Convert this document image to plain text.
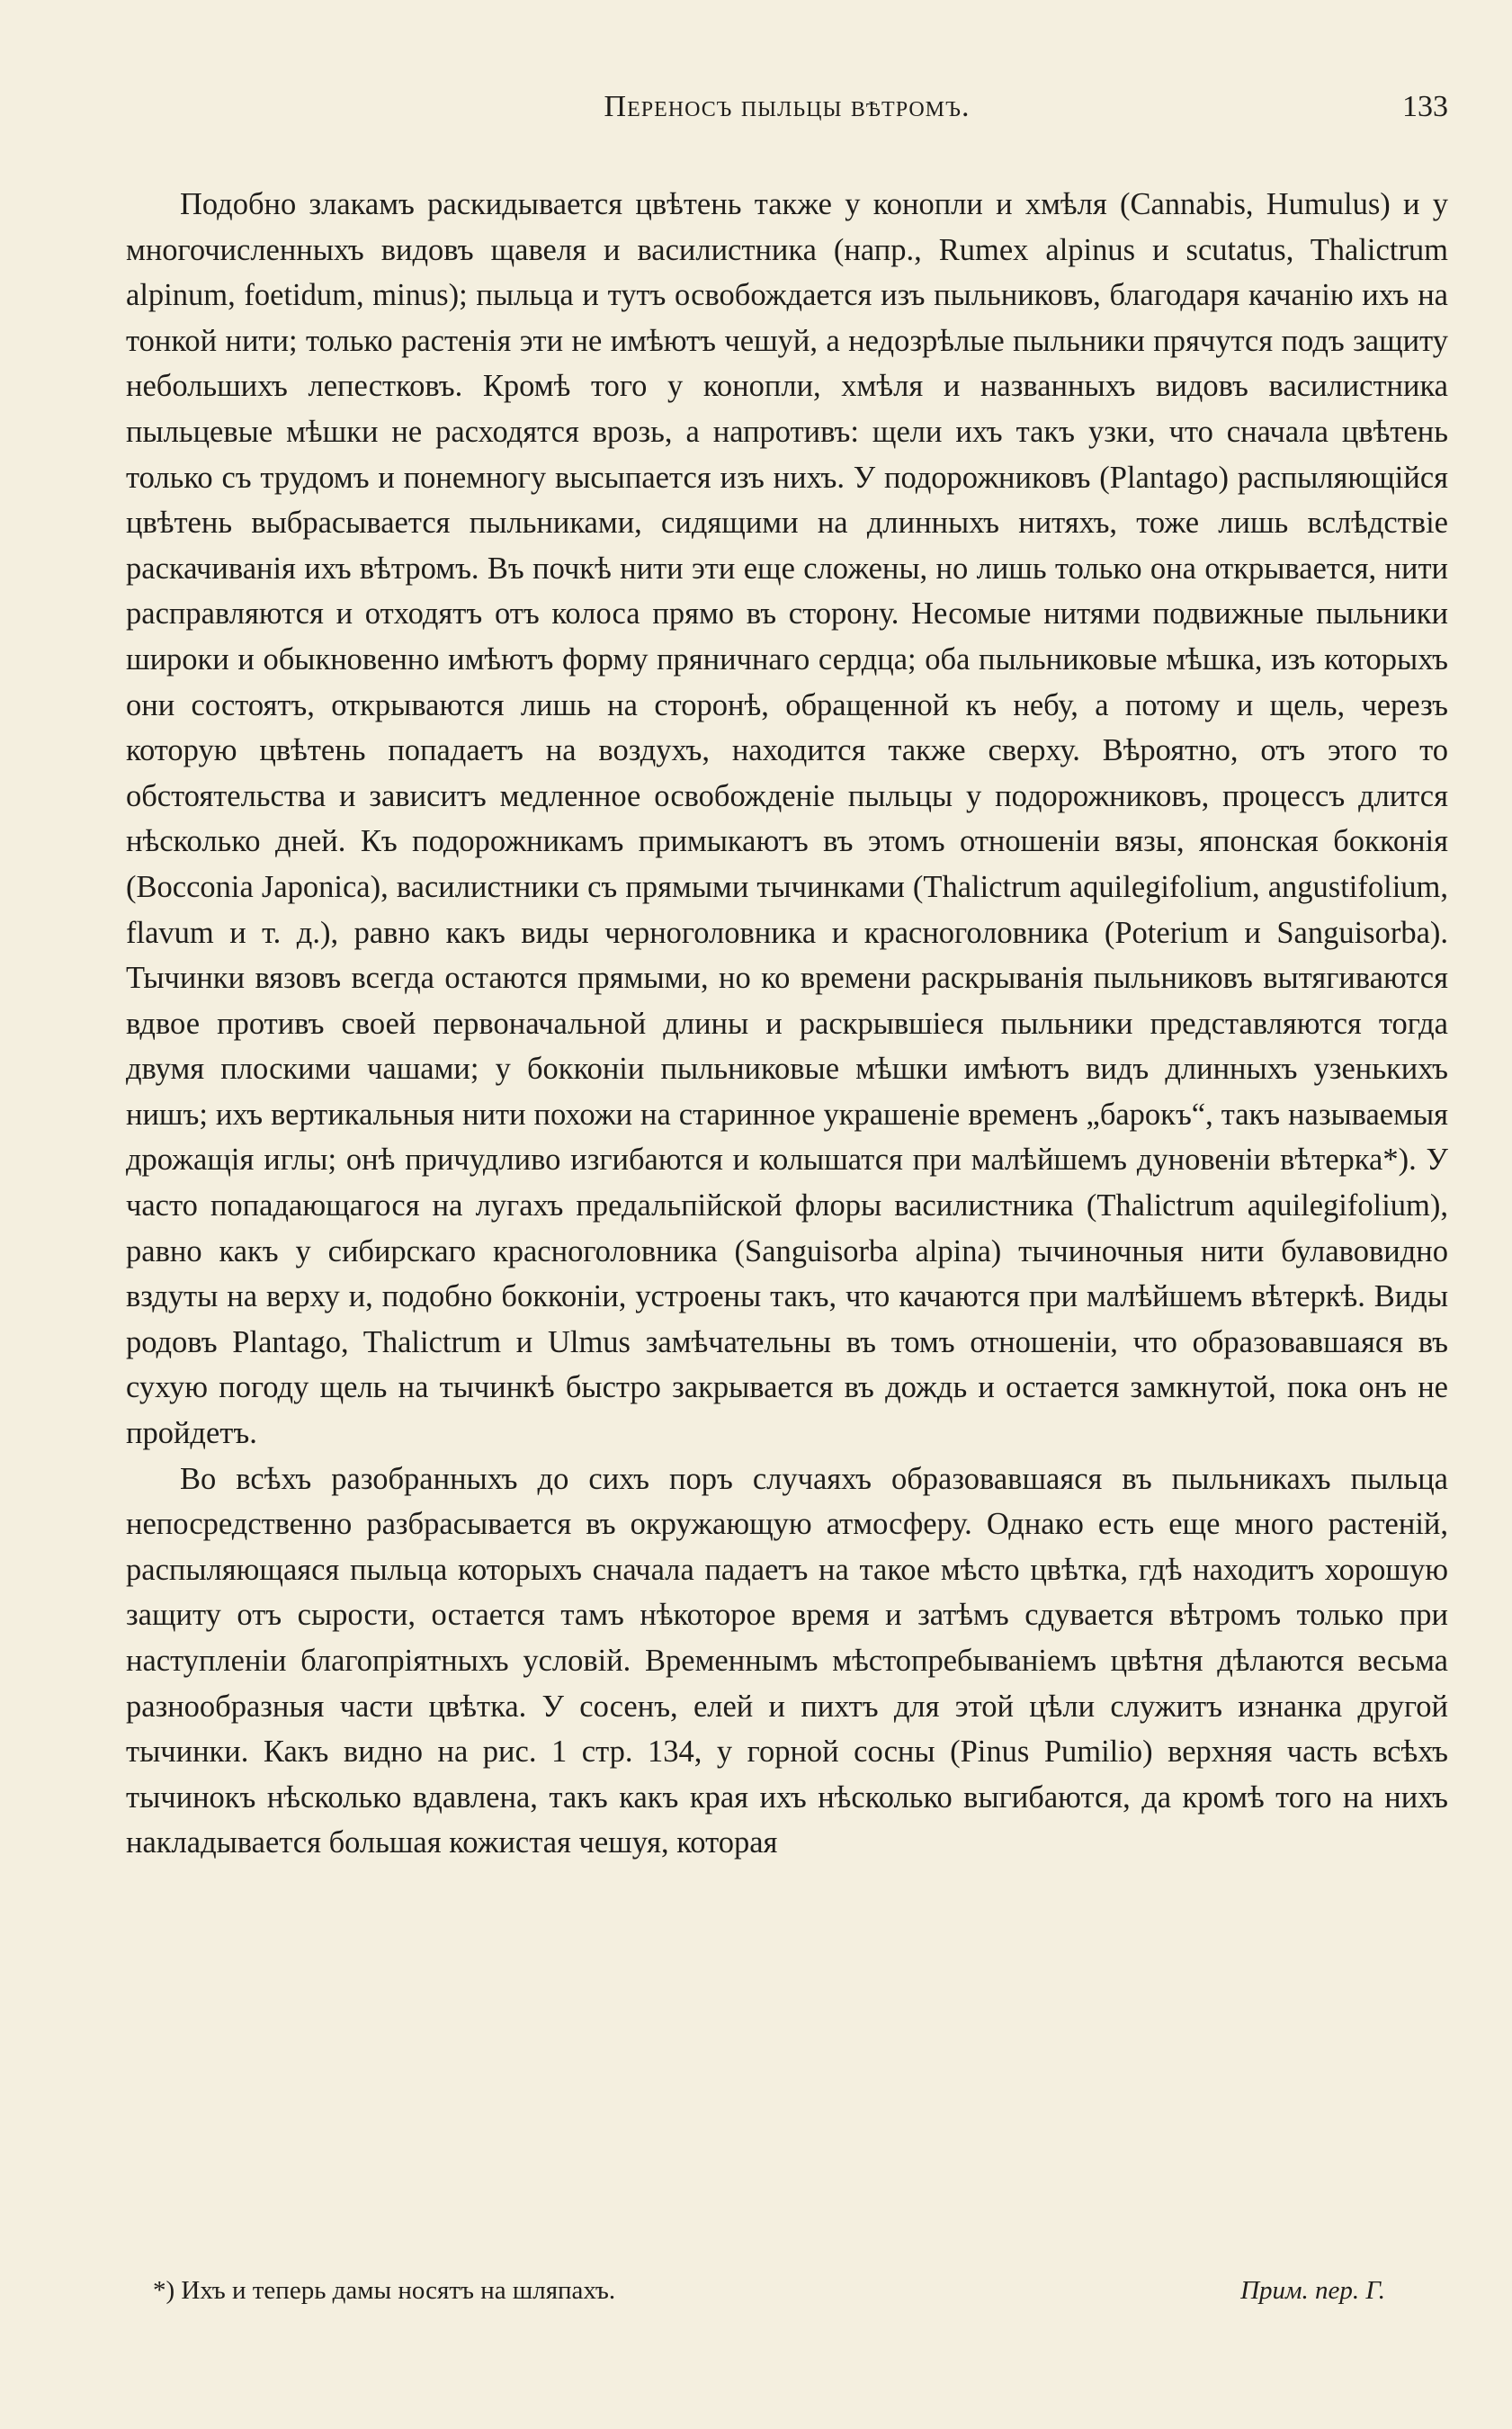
Переносъ пыльцы вѣтромъ.	133

Подобно злакамъ раскидывается цвѣтень также у конопли и хмѣля (Cannabis, Humulus) и у многочисленныхъ видовъ щавеля и василистника (напр., Rumex alpinus и scutatus, Thalictrum alpinum, foetidum, minus); пыльца и тутъ освобождается изъ пыльниковъ, благодаря качанію ихъ на тонкой нити; только растенія эти не имѣютъ чешуй, а недозрѣлые пыльники прячутся подъ защиту небольшихъ лепестковъ. Кромѣ того у конопли, хмѣля и названныхъ видовъ василистника пыльцевые мѣшки не расходятся врозь, а напротивъ: щели ихъ такъ узки, что сначала цвѣтень только съ трудомъ и понемногу высыпается изъ нихъ. У подорожниковъ (Plantago) распыляющійся цвѣтень выбрасывается пыльниками, сидящими на длинныхъ нитяхъ, тоже лишь вслѣдствіе раскачиванія ихъ вѣтромъ. Въ почкѣ нити эти еще сложены, но лишь только она открывается, нити расправляются и отходятъ отъ колоса прямо въ сторону. Несомые нитями подвижные пыльники широки и обыкновенно имѣютъ форму пряничнаго сердца; оба пыльниковые мѣшка, изъ которыхъ они состоятъ, открываются лишь на сторонѣ, обращенной къ небу, а потому и щель, черезъ которую цвѣтень попадаетъ на воздухъ, находится также сверху. Вѣроятно, отъ этого то обстоятельства и зависитъ медленное освобожденіе пыльцы у подорожниковъ, процессъ длится нѣсколько дней. Къ подорожникамъ примыкаютъ въ этомъ отношеніи вязы, японская бокконія (Bocconia Japonica), василистники съ прямыми тычинками (Thalictrum aquilegifolium, angustifolium, flavum и т. д.), равно какъ виды черноголовника и красноголовника (Poterium и Sanguisorba). Тычинки вязовъ всегда остаются прямыми, но ко времени раскрыванія пыльниковъ вытягиваются вдвое противъ своей первоначальной длины и раскрывшіеся пыльники представляются тогда двумя плоскими чашами; у бокконіи пыльниковые мѣшки имѣютъ видъ длинныхъ узенькихъ нишъ; ихъ вертикальныя нити похожи на старинное украшеніе временъ „барокъ“, такъ называемыя дрожащія иглы; онѣ причудливо изгибаются и колышатся при малѣйшемъ дуновеніи вѣтерка*). У часто попадающагося на лугахъ предальпійской флоры василистника (Thalictrum aquilegifolium), равно какъ у сибирскаго красноголовника (Sanguisorba alpina) тычиночныя нити булавовидно вздуты на верху и, подобно бокконіи, устроены такъ, что качаются при малѣйшемъ вѣтеркѣ. Виды родовъ Plantago, Thalictrum и Ulmus замѣчательны въ томъ отношеніи, что образовавшаяся въ сухую погоду щель на тычинкѣ быстро закрывается въ дождь и остается замкнутой, пока онъ не пройдетъ.

Во всѣхъ разобранныхъ до сихъ поръ случаяхъ образовавшаяся въ пыльникахъ пыльца непосредственно разбрасывается въ окружающую атмосферу. Однако есть еще много растеній, распыляющаяся пыльца которыхъ сначала падаетъ на такое мѣсто цвѣтка, гдѣ находитъ хорошую защиту отъ сырости, остается тамъ нѣкоторое время и затѣмъ сдувается вѣтромъ только при наступленіи благопріятныхъ условій. Временнымъ мѣстопребываніемъ цвѣтня дѣлаются весьма разнообразныя части цвѣтка. У сосенъ, елей и пихтъ для этой цѣли служитъ изнанка другой тычинки. Какъ видно на рис. 1 стр. 134, у горной сосны (Pinus Pumilio) верхняя часть всѣхъ тычинокъ нѣсколько вдавлена, такъ какъ края ихъ нѣсколько выгибаются, да кромѣ того на нихъ накладывается большая кожистая чешуя, которая

*) Ихъ и теперь дамы носятъ на шляпахъ.	Прим. пер. Г.
